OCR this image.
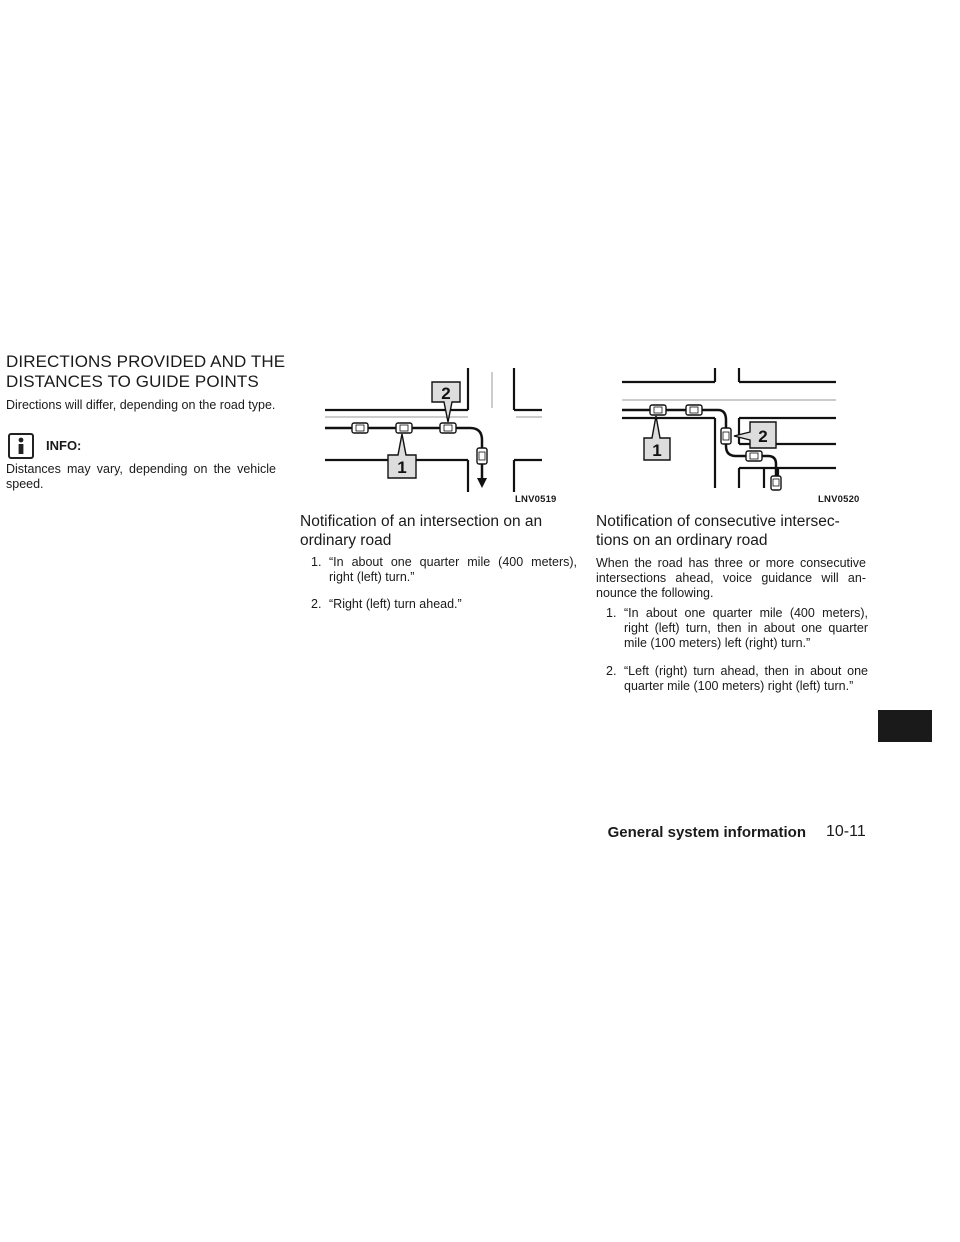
DIRECTIONS PROVIDED AND THE
DISTANCES TO GUIDE POINTS
Directions will differ, depending on the road type.
INFO:
Distances may vary, depending on the vehicle speed.
2
1
LNV0519
1
2
LNV0520
Notification of an intersection on an
ordinary road
1. “In about one quarter mile (400 meters), right (left) turn.”
2. “Right (left) turn ahead.”
Notification of consecutive intersec-
tions on an ordinary road
When the road has three or more consecutive intersections ahead, voice guidance will an- nounce the following.
1. “In about one quarter mile (400 meters), right (left) turn, then in about one quarter mile (100 meters) left (right) turn.”
2. “Left (right) turn ahead, then in about one quarter mile (100 meters) right (left) turn.”
General system information 10-11
